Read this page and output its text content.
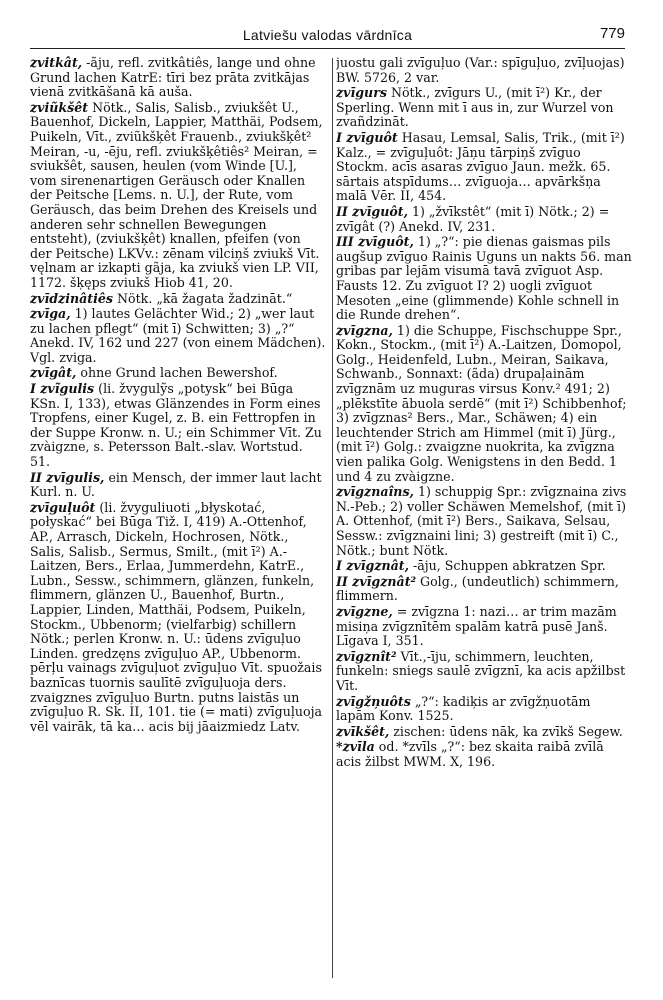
Latviešu valodas vārdnīca	779

zvitkât, -ãju, refl. zvitkâtiês, lange und ohne Grund lachen KatrE: tīri bez prāta zvitkājas vienā zvitkāšanā kā auša.

zviũkšêt Nötk., Salis, Salisb., zviukšêt U., Bauenhof, Dickeln, Lappier, Matthäi, Podsem, Puikeln, Vīt., zviũkšķêt Frauenb., zviukšķêt² Meiran, -u, -ēju, refl. zviukšķêtiês² Meiran, = sviukšêt, sausen, heulen (vom Winde [U.], vom sirenenartigen Geräusch oder Knallen der Peitsche [Lems. n. U.], der Rute, vom Geräusch, das beim Drehen des Kreisels und anderen sehr schnellen Bewegungen entsteht), (zviukšķêt) knallen, pfeifen (von der Peitsche) LKVv.: zēnam vilciņš zviukš Vīt. vęlnam ar izkapti gãja, ka zviukš vien LP. VII, 1172. šķęps zviukš Hiob 41, 20.

zvīdzinâtiês Nötk. „kā žagata žadzināt.“

zvīga, 1) lautes Gelächter Wid.; 2) „wer laut zu lachen pflegt“ (mit ī) Schwitten; 3) „?“ Anekd. IV, 162 und 227 (von einem Mädchen). Vgl. zviga.

zvīgât, ohne Grund lachen Bewershof.

I zvĩgulis (li. žvygulỹs „potysk“ bei Būga KSn. I, 133), etwas Glänzendes in Form eines Tropfens, einer Kugel, z. B. ein Fettropfen in der Suppe Kronw. n. U.; ein Schimmer Vīt. Zu zvàigzne, s. Petersson Balt.-slav. Wortstud. 51.

II zvīgulis, ein Mensch, der immer laut lacht Kurl. n. U.

zvīguļuôt (li. žvyguliuoti „błyskotać, połyskać“ bei Būga Tiž. I, 419) A.-Ottenhof, AP., Arrasch, Dickeln, Hochrosen, Nötk., Salis, Salisb., Sermus, Smilt., (mit ī²) A.-Laitzen, Bers., Erlaa, Jummerdehn, KatrE., Lubn., Sessw., schimmern, glänzen, funkeln, flimmern, glänzen U., Bauenhof, Burtn., Lappier, Linden, Matthäi, Podsem, Puikeln, Stockm., Ubbenorm; (vielfarbig) schillern Nötk.; perlen Kronw. n. U.: ūdens zvīguļuo Linden. gredzęns zvīguļuo AP., Ubbenorm. pērļu vainags zvīguļuot zvīguļuo Vīt. spuožais baznīcas tuornis saulītē zvīguļuoja ders. zvaigznes zvīguļuo Burtn. putns laistās un zvīguļuo R. Sk. II, 101. tie (= mati) zvīguļuoja vēl vairāk, tā ka… acis bij jāaizmiedz Latv.

juostu gali zvīguļuo (Var.: spīguļuo, zvīļuojas) BW. 5726, 2 var.

zvīgurs Nötk., zvīgurs U., (mit ī²) Kr., der Sperling. Wenn mit ī aus in, zur Wurzel von zvañdzināt.

I zvīguôt Hasau, Lemsal, Salis, Trik., (mit ī²) Kalz., = zvīguļuôt: Jāņu tārpiņš zvīguo Stockm. acīs asaras zvīguo Jaun. mežk. 65. sārtais atspīdums… zvīguoja… apvārkšņa malā Vēr. II, 454.

II zvīguôt, 1) „žvīkstêt“ (mit ī) Nötk.; 2) = zvīgât (?) Anekd. IV, 231.

III zvīguôt, 1) „?“: pie dienas gaismas pils augšup zvīguo Rainis Uguns un nakts 56. man gribas par lejām visumā tavā zvīguot Asp. Fausts 12. Zu zvīguot I? 2) uogli zvīguot Mesoten „eine (glimmende) Kohle schnell in die Runde drehen“.

zvīgzna, 1) die Schuppe, Fischschuppe Spr., Kokn., Stockm., (mit ī²) A.-Laitzen, Domopol, Golg., Heidenfeld, Lubn., Meiran, Saikava, Schwanb., Sonnaxt: (ãda) drupaļainām zvīgznām uz muguras virsus Konv.² 491; 2) „plēkstīte ābuola serdē“ (mit ī²) Schibbenhof; 3) zvīgznas² Bers., Mar., Schäwen; 4) ein leuchtender Strich am Himmel (mit ī) Jürg., (mit ī²) Golg.: zvaigzne nuokrita, ka zvīgzna vien palika Golg. Wenigstens in den Bedd. 1 und 4 zu zvàigzne.

zvīgznaîns, 1) schuppig Spr.: zvīgznaina zivs N.-Peb.; 2) voller Schäwen Memelshof, (mit ī) A. Ottenhof, (mit ī²) Bers., Saikava, Selsau, Sessw.: zvīgznaini lini; 3) gestreift (mit ī) C., Nötk.; bunt Nötk.

I zvīgznât, -āju, Schuppen abkratzen Spr.

II zvīgznât² Golg., (undeutlich) schimmern, flimmern.

zvīgzne, = zvīgzna 1: nazi… ar trim mazām misiņa zvīgznītēm spalām katrā pusē Janš. Līgava I, 351.

zvīgznît² Vīt.,-īju, schimmern, leuchten, funkeln: sniegs saulē zvīgznī, ka acis apžilbst Vīt.

zvīgžņuôts „?“: kadiķis ar zvīgžņuotām lapām Konv. 1525.

zvīkšêt, zischen: ūdens nāk, ka zvīkš Segew.

*zvīla od. *zvīls „?“: bez skaita raibā zvīlā acis žilbst MWM. X, 196.
